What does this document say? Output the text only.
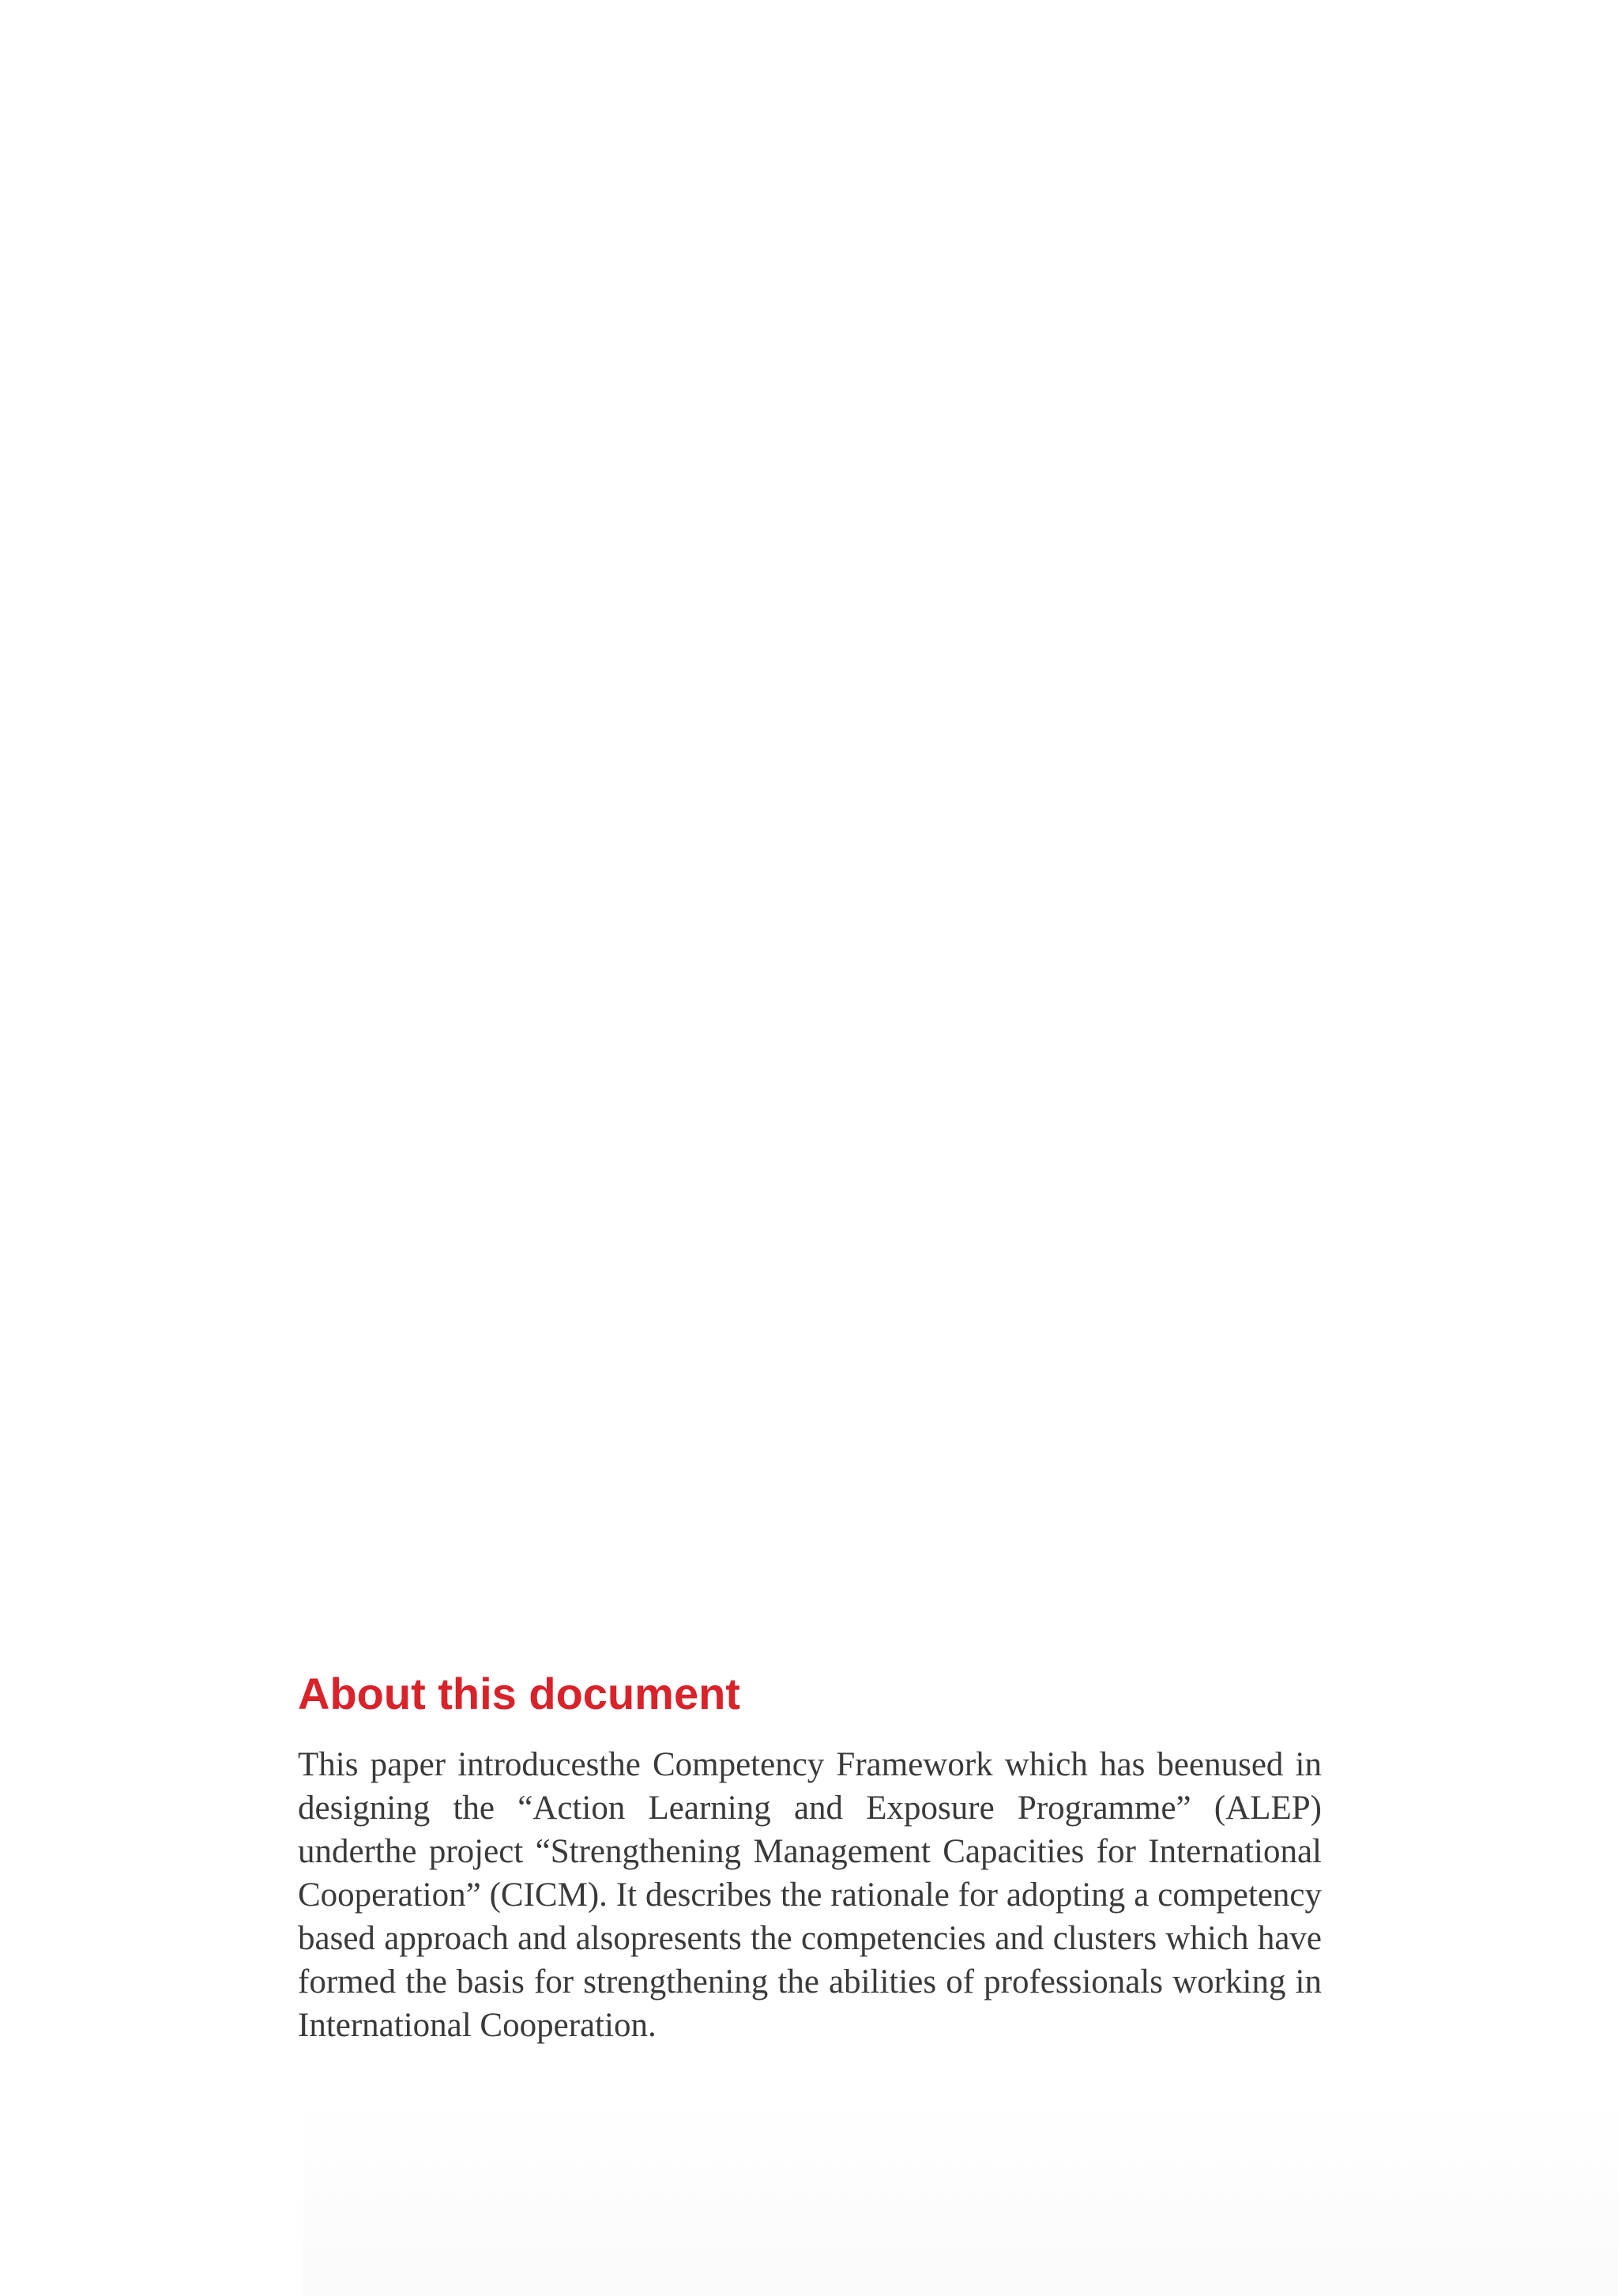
About this document

This paper introducesthe Competency Framework which has beenused in designing the “Action Learning and Exposure Programme” (ALEP) underthe project “Strengthening Management Capacities for International Cooperation” (CICM). It describes the rationale for adopting a competency based approach and alsopresents the competencies and clusters which have formed the basis for strengthening the abilities of professionals working in International Cooperation.
